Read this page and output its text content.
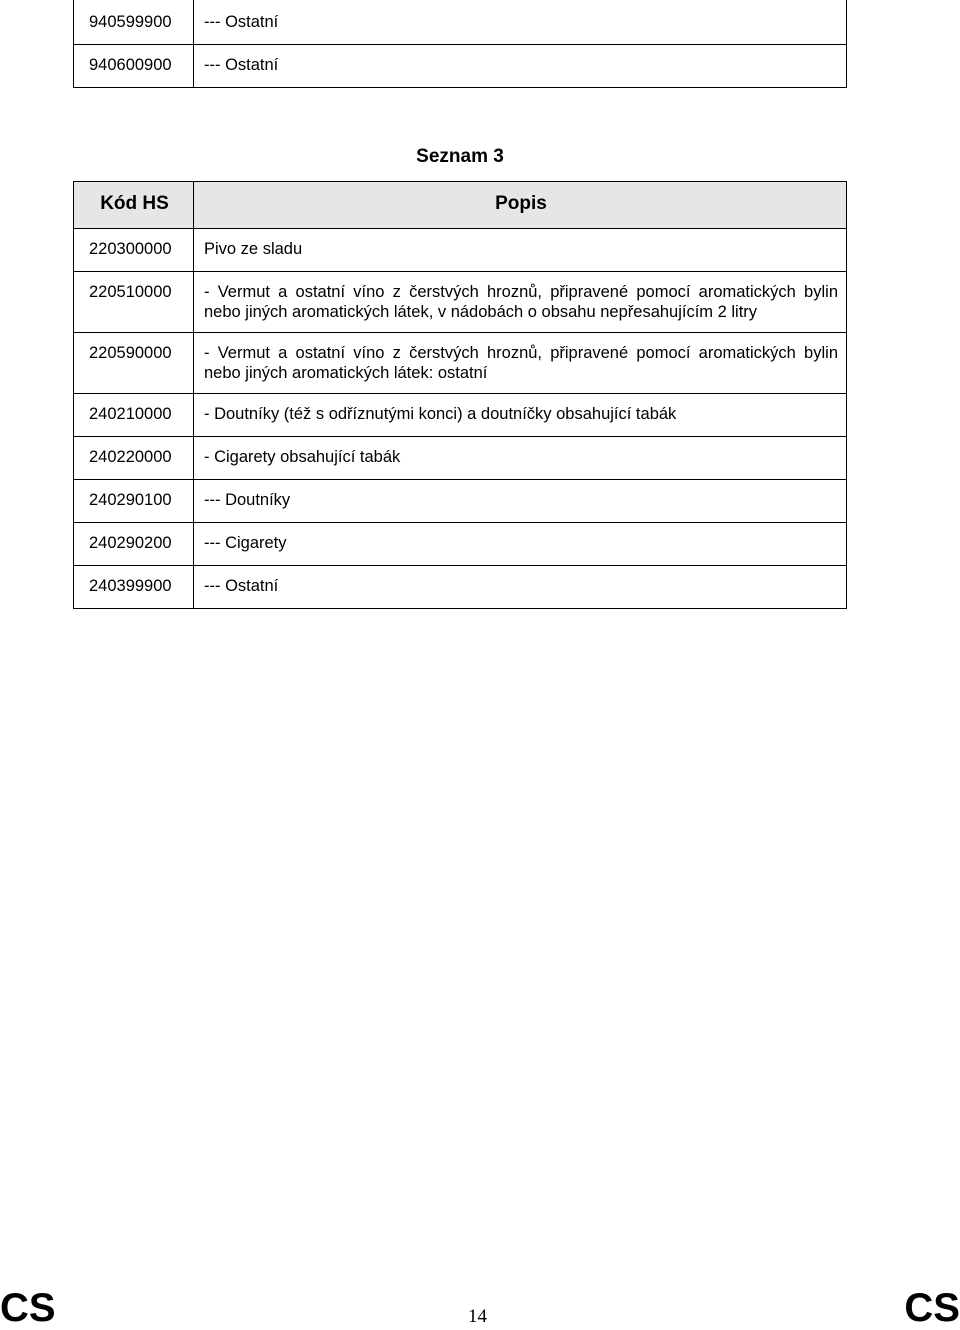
940599900	--- Ostatní
940600900	--- Ostatní
Seznam 3
Kód HS	Popis
220300000	Pivo ze sladu
220510000	- Vermut a ostatní víno z čerstvých hroznů, připravené pomocí aromatických bylin nebo jiných aromatických látek, v nádobách o obsahu nepřesahujícím 2 litry
220590000	- Vermut a ostatní víno z čerstvých hroznů, připravené pomocí aromatických bylin nebo jiných aromatických látek: ostatní
240210000	- Doutníky (též s odříznutými konci) a doutníčky obsahující tabák
240220000	- Cigarety obsahující tabák
240290100	--- Doutníky
240290200	--- Cigarety
240399900	--- Ostatní
CS	14	CS
